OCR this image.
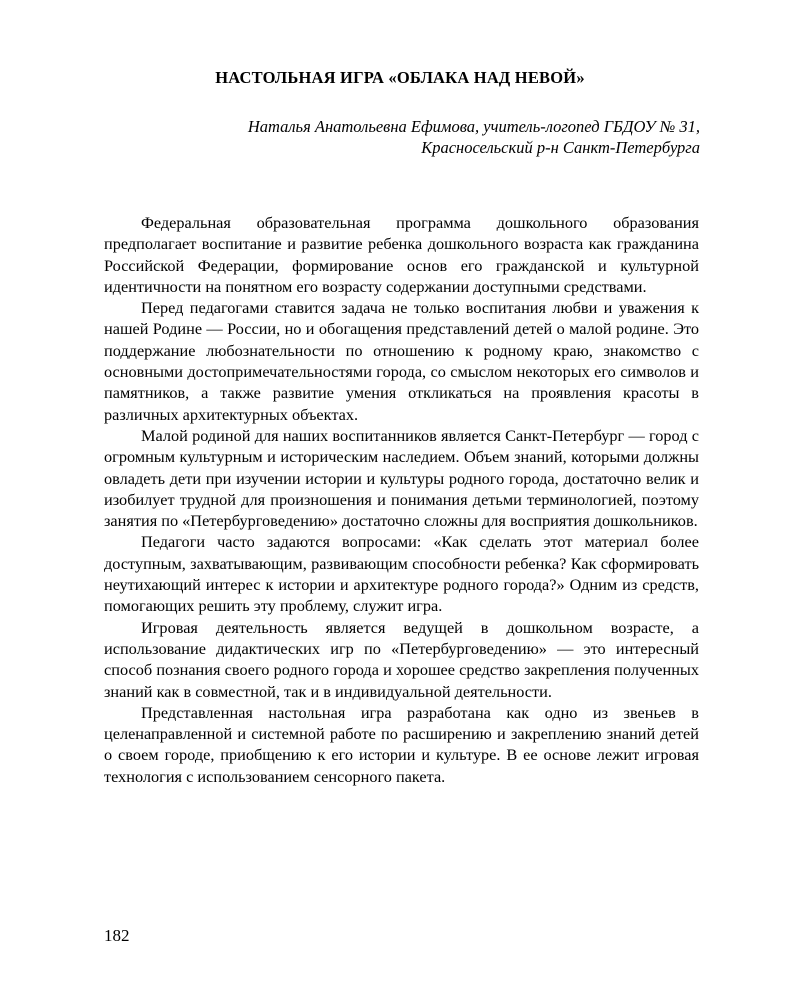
НАСТОЛЬНАЯ ИГРА «ОБЛАКА НАД НЕВОЙ»
Наталья Анатольевна Ефимова, учитель-логопед ГБДОУ № 31,
Красносельский р-н Санкт-Петербурга

Федеральная образовательная программа дошкольного образования предполагает воспитание и развитие ребенка дошкольного возраста как гражданина Российской Федерации, формирование основ его гражданской и культурной идентичности на понятном его возрасту содержании доступными средствами.

Перед педагогами ставится задача не только воспитания любви и уважения к нашей Родине — России, но и обогащения представлений детей о малой родине. Это поддержание любознательности по отношению к родному краю, знакомство с основными достопримечательностями города, со смыслом некоторых его символов и памятников, а также развитие умения откликаться на проявления красоты в различных архитектурных объектах.

Малой родиной для наших воспитанников является Санкт-Петербург — город с огромным культурным и историческим наследием. Объем знаний, которыми должны овладеть дети при изучении истории и культуры родного города, достаточно велик и изобилует трудной для произношения и понимания детьми терминологией, поэтому занятия по «Петербурговедению» достаточно сложны для восприятия дошкольников.

Педагоги часто задаются вопросами: «Как сделать этот материал более доступным, захватывающим, развивающим способности ребенка? Как сформировать неутихающий интерес к истории и архитектуре родного города?» Одним из средств, помогающих решить эту проблему, служит игра.

Игровая деятельность является ведущей в дошкольном возрасте, а использование дидактических игр по «Петербурговедению» — это интересный способ познания своего родного города и хорошее средство закрепления полученных знаний как в совместной, так и в индивидуальной деятельности.

Представленная настольная игра разработана как одно из звеньев в целенаправленной и системной работе по расширению и закреплению знаний детей о своем городе, приобщению к его истории и культуре. В ее основе лежит игровая технология с использованием сенсорного пакета.

182
